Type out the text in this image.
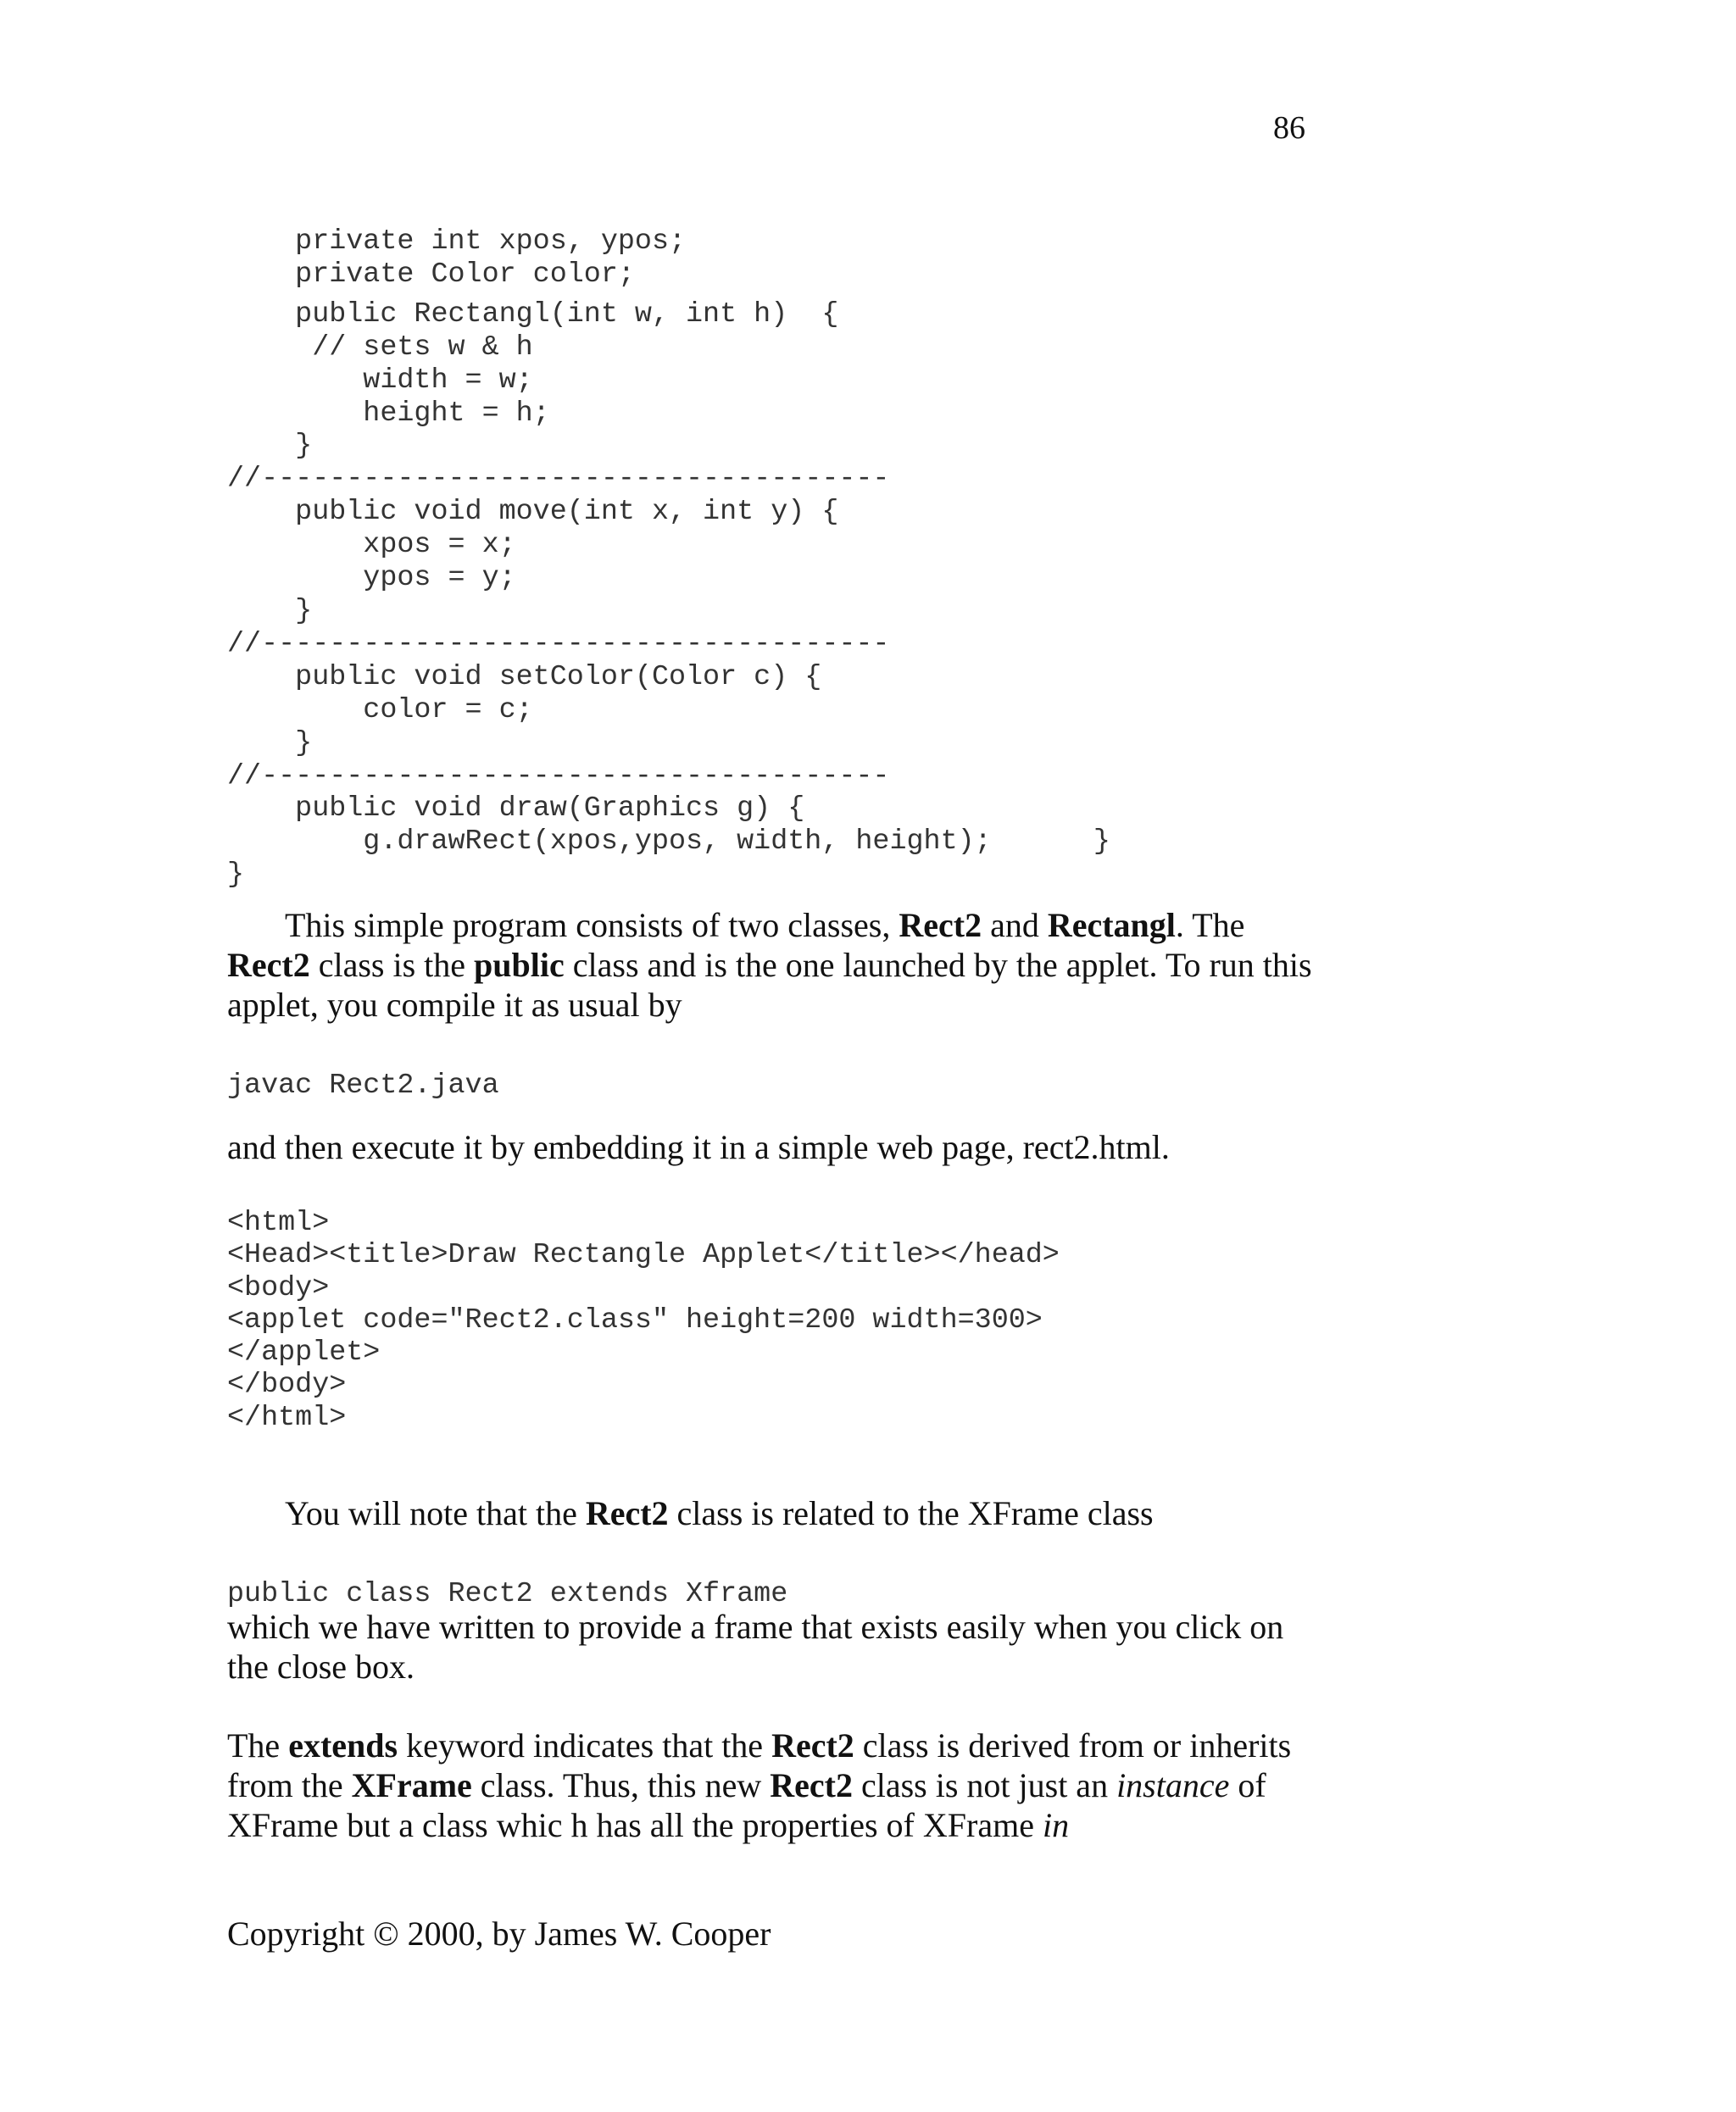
86
private int xpos, ypos;
private Color color;
public Rectangl(int w, int h)  {
// sets w & h
width = w;
height = h;
}
//-------------------------------------
public void move(int x, int y) {
xpos = x;
ypos = y;
}
//-------------------------------------
public void setColor(Color c) {
color = c;
}
//-------------------------------------
public void draw(Graphics g) {
g.drawRect(xpos,ypos, width, height);      }
}

This simple program consists of two classes, Rect2 and Rectangl. The Rect2 class is the public class and is the one launched by the applet. To run this applet, you compile it as usual by

javac Rect2.java

and then execute it by embedding it in a simple web page, rect2.html.

<html>
<Head><title>Draw Rectangle Applet</title></head>
<body>
<applet code="Rect2.class" height=200 width=300>
</applet>
</body>
</html>

You will note that the Rect2 class is related to the XFrame class

public class Rect2 extends Xframe

which we have written to provide a frame that exists easily when you click on the close box.

The extends keyword indicates that the Rect2 class is derived from or inherits from the XFrame class. Thus, this new Rect2 class is not just an instance of XFrame but a class whic h has all the properties of XFrame in

Copyright © 2000, by James W. Cooper
